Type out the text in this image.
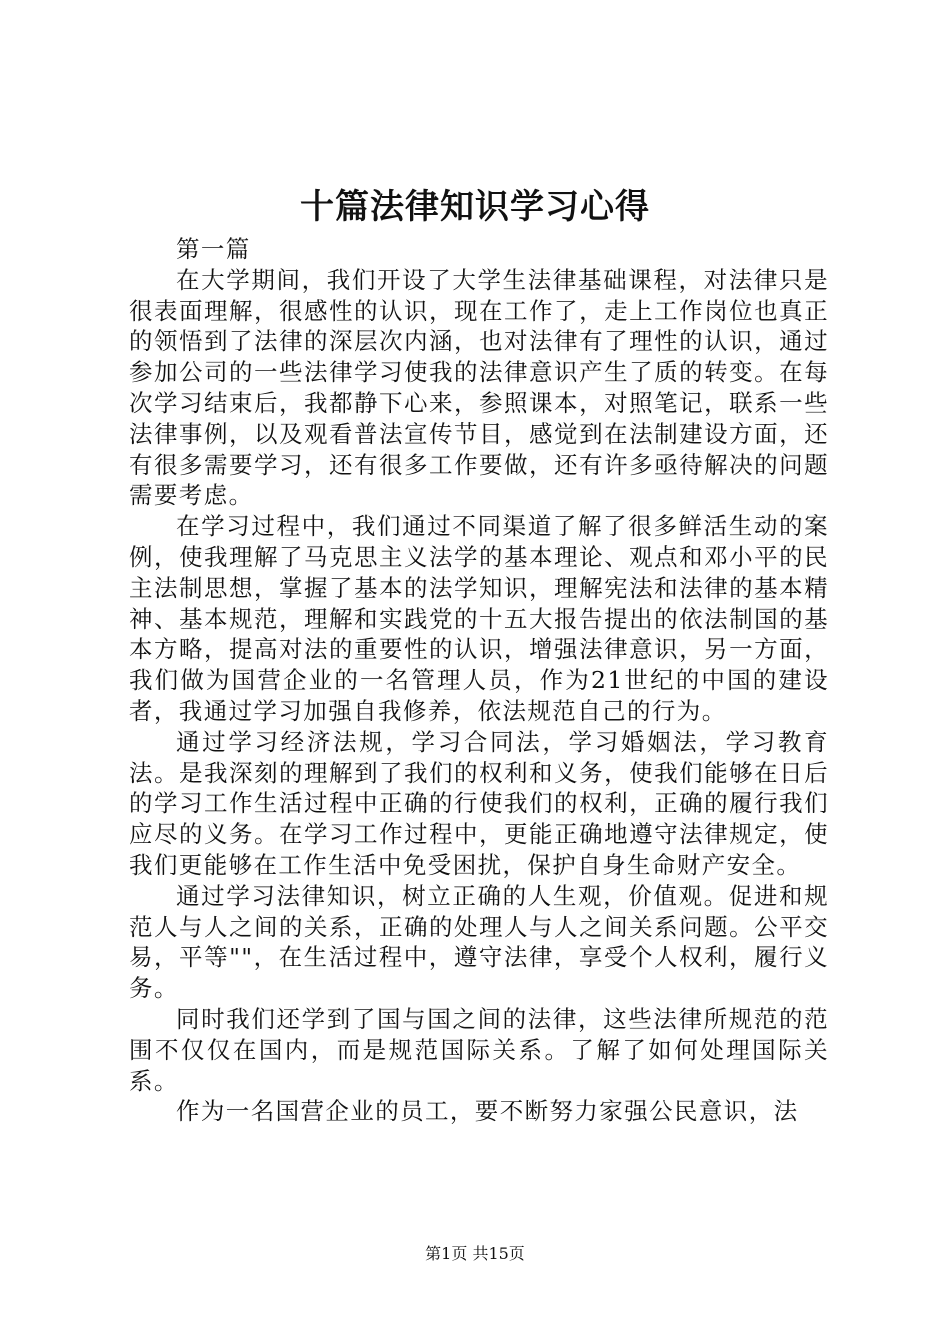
十篇法律知识学习心得

第一篇

在大学期间，我们开设了大学生法律基础课程，对法律只是很表面理解，很感性的认识，现在工作了，走上工作岗位也真正的领悟到了法律的深层次内涵，也对法律有了理性的认识，通过参加公司的一些法律学习使我的法律意识产生了质的转变。在每次学习结束后，我都静下心来，参照课本，对照笔记，联系一些法律事例，以及观看普法宣传节目，感觉到在法制建设方面，还有很多需要学习，还有很多工作要做，还有许多亟待解决的问题需要考虑。

在学习过程中，我们通过不同渠道了解了很多鲜活生动的案例，使我理解了马克思主义法学的基本理论、观点和邓小平的民主法制思想，掌握了基本的法学知识，理解宪法和法律的基本精神、基本规范，理解和实践党的十五大报告提出的依法制国的基本方略，提高对法的重要性的认识，增强法律意识，另一方面，我们做为国营企业的一名管理人员，作为21世纪的中国的建设者，我通过学习加强自我修养，依法规范自己的行为。

通过学习经济法规，学习合同法，学习婚姻法，学习教育法。是我深刻的理解到了我们的权利和义务，使我们能够在日后的学习工作生活过程中正确的行使我们的权利，正确的履行我们应尽的义务。在学习工作过程中，更能正确地遵守法律规定，使我们更能够在工作生活中免受困扰，保护自身生命财产安全。

通过学习法律知识，树立正确的人生观，价值观。促进和规范人与人之间的关系，正确的处理人与人之间关系问题。公平交易，平等""，在生活过程中，遵守法律，享受个人权利，履行义务。

同时我们还学到了国与国之间的法律，这些法律所规范的范围不仅仅在国内，而是规范国际关系。了解了如何处理国际关系。

作为一名国营企业的员工，要不断努力家强公民意识，法

第1页 共15页
